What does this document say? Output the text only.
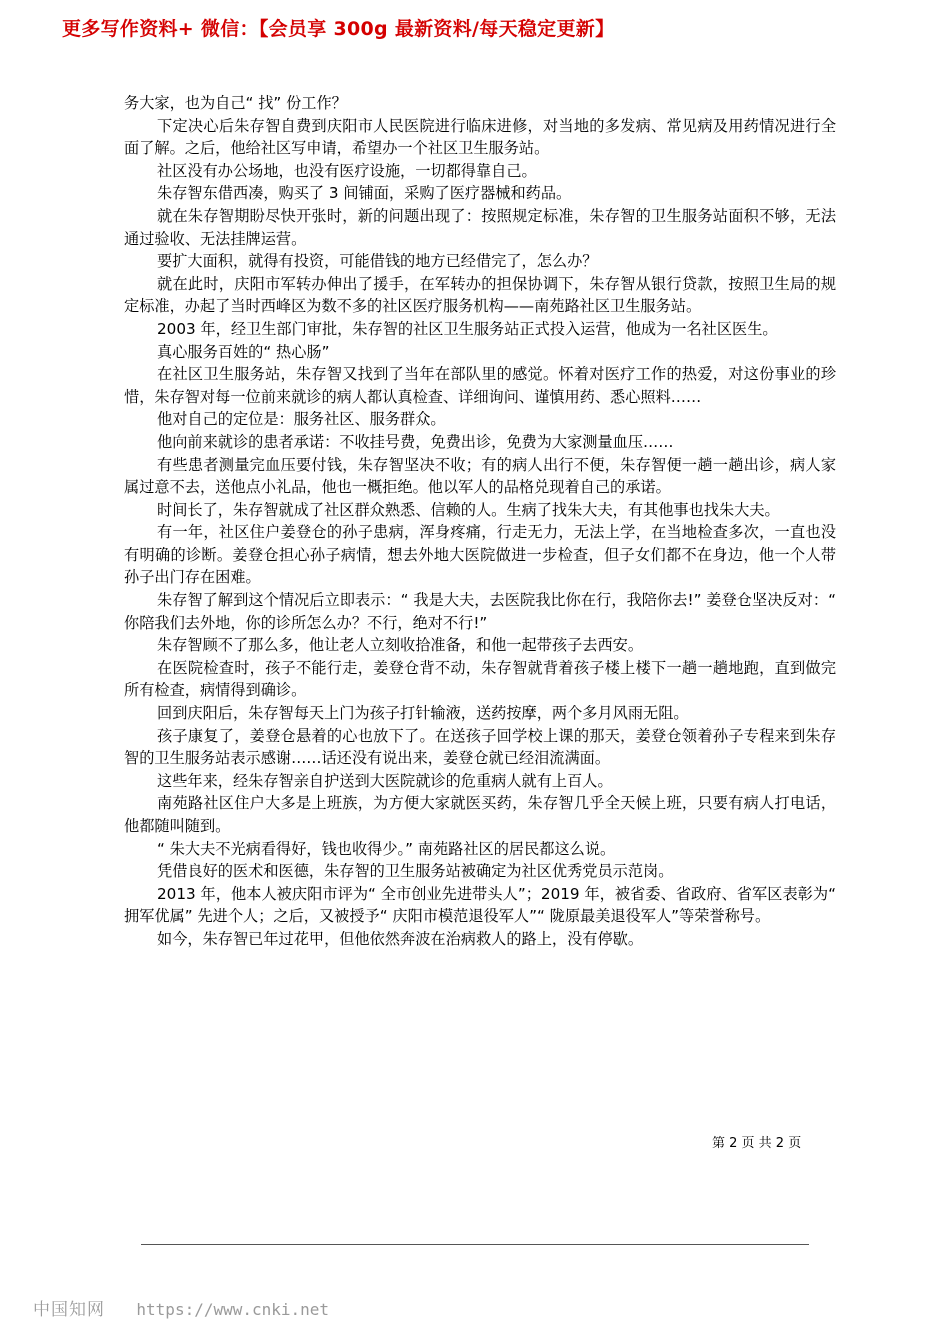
更多写作资料+ 微信：【会员享 300g 最新资料/每天稳定更新】

务大家，也为自己“ 找” 份工作？

下定决心后朱存智自费到庆阳市人民医院进行临床进修，对当地的多发病、常见病及用药情况进行全面了解。之后，他给社区写申请，希望办一个社区卫生服务站。

社区没有办公场地，也没有医疗设施，一切都得靠自己。

朱存智东借西凑，购买了 3 间铺面，采购了医疗器械和药品。

就在朱存智期盼尽快开张时，新的问题出现了：按照规定标准，朱存智的卫生服务站面积不够，无法通过验收、无法挂牌运营。

要扩大面积，就得有投资，可能借钱的地方已经借完了，怎么办？

就在此时，庆阳市军转办伸出了援手，在军转办的担保协调下，朱存智从银行贷款，按照卫生局的规定标准，办起了当时西峰区为数不多的社区医疗服务机构——南苑路社区卫生服务站。

2003 年，经卫生部门审批，朱存智的社区卫生服务站正式投入运营，他成为一名社区医生。

真心服务百姓的“ 热心肠”

在社区卫生服务站，朱存智又找到了当年在部队里的感觉。怀着对医疗工作的热爱，对这份事业的珍惜，朱存智对每一位前来就诊的病人都认真检查、详细询问、谨慎用药、悉心照料……

他对自己的定位是：服务社区、服务群众。

他向前来就诊的患者承诺：不收挂号费，免费出诊，免费为大家测量血压……

有些患者测量完血压要付钱，朱存智坚决不收；有的病人出行不便，朱存智便一趟一趟出诊，病人家属过意不去，送他点小礼品，他也一概拒绝。他以军人的品格兑现着自己的承诺。

时间长了，朱存智就成了社区群众熟悉、信赖的人。生病了找朱大夫，有其他事也找朱大夫。

有一年，社区住户姜登仓的孙子患病，浑身疼痛，行走无力，无法上学，在当地检查多次，一直也没有明确的诊断。姜登仓担心孙子病情，想去外地大医院做进一步检查，但子女们都不在身边，他一个人带孙子出门存在困难。

朱存智了解到这个情况后立即表示：“ 我是大夫，去医院我比你在行，我陪你去!” 姜登仓坚决反对：“ 你陪我们去外地，你的诊所怎么办？不行，绝对不行!”

朱存智顾不了那么多，他让老人立刻收拾准备，和他一起带孩子去西安。

在医院检查时，孩子不能行走，姜登仓背不动，朱存智就背着孩子楼上楼下一趟一趟地跑，直到做完所有检查，病情得到确诊。

回到庆阳后，朱存智每天上门为孩子打针输液，送药按摩，两个多月风雨无阻。

孩子康复了，姜登仓悬着的心也放下了。在送孩子回学校上课的那天，姜登仓领着孙子专程来到朱存智的卫生服务站表示感谢……话还没有说出来，姜登仓就已经泪流满面。

这些年来，经朱存智亲自护送到大医院就诊的危重病人就有上百人。

南苑路社区住户大多是上班族，为方便大家就医买药，朱存智几乎全天候上班，只要有病人打电话，他都随叫随到。

“ 朱大夫不光病看得好，钱也收得少。” 南苑路社区的居民都这么说。

凭借良好的医术和医德，朱存智的卫生服务站被确定为社区优秀党员示范岗。

2013 年，他本人被庆阳市评为“ 全市创业先进带头人”；2019 年，被省委、省政府、省军区表彰为“ 拥军优属” 先进个人；之后，又被授予“ 庆阳市模范退役军人”“ 陇原最美退役军人”等荣誉称号。

如今，朱存智已年过花甲，但他依然奔波在治病救人的路上，没有停歇。

第 2 页 共 2 页
中国知网 https://www.cnki.net
